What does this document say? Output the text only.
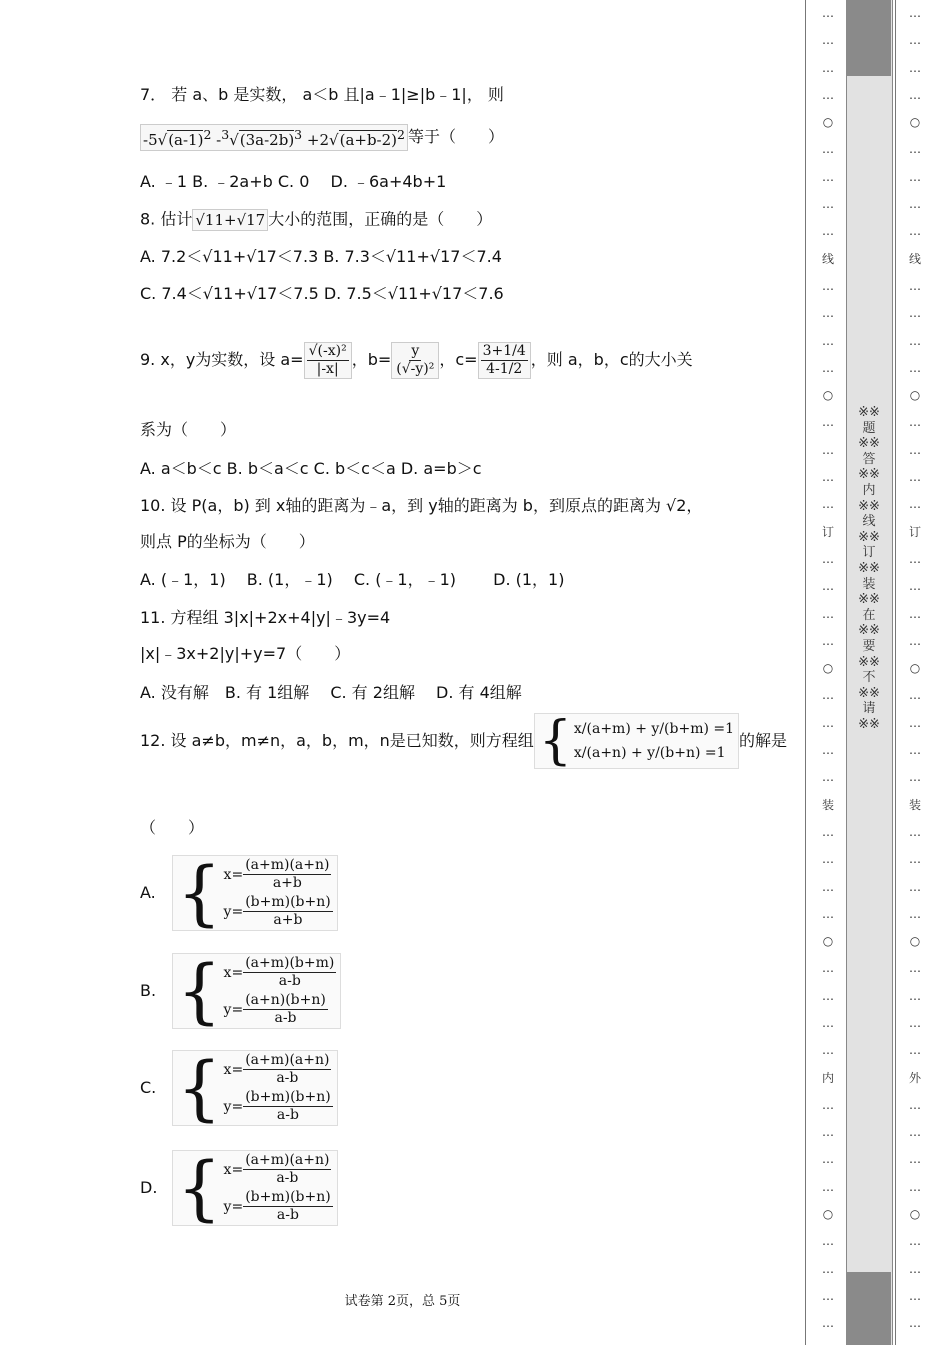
7． 若 a、b 是实数， a＜b 且|a﹣1|≥|b﹣1|， 则
$-5√(a-1)^2$ $-^3√(3a-2b)^3 +2√(a+b-2)^2$ 等于（　　）
A. ﹣1 B. ﹣2a+b C. 0　 D. ﹣6a+4b+1
8. 估计 √11+√17 大小的范围，正确的是（　　）
A. 7.2＜√11+√17＜7.3 B. 7.3＜√11+√17＜7.4
C. 7.4＜√11+√17＜7.5 D. 7.5＜√11+√17＜7.6
9. x，y为实数，设 $a= \frac{\text{√(-x)²}}{|-x|}$ ，$b= \frac{y}{\text{(√-y)²}}$ ，$c= \frac{3+1/4}{4-1/2}$ ，则 a，b，c的大小关
系为（　　）
A. a＜b＜c B. b＜a＜c C. b＜c＜a D. a=b＞c
10. 设 P(a，b) 到 x轴的距离为﹣a，到 y轴的距离为 b，到原点的距离为 √2，
则点 P的坐标为（　　）
A. (﹣1，1)　 B. (1，﹣1)　 C. (﹣1，﹣1)　　 D. (1，1)
11. 方程组 3|x|+2x+4|y|﹣3y=4
|x|﹣3x+2|y|+y=7（　　）
A. 没有解　B. 有 1组解　 C. 有 2组解　 D. 有 4组解
12. 设 a≠b，m≠n，a，b，m，n是已知数，则方程组 { x/(a+m) + y/(b+m) =1
x/(a+n) + y/(b+n) =1
的解是
（　　）
A. { $x= \frac{(a+m)(a+n)}{a+b}$
$y= \frac{(b+m)(b+n)}{a+b}$
B. { $x= \frac{(a+m)(b+m)}{a-b}$
$y= \frac{(a+n)(b+n)}{a-b}$
C. { $x= \frac{(a+m)(a+n)}{a-b}$
$y= \frac{(b+m)(b+n)}{a-b}$
D. { $x= \frac{(a+m)(a+n)}{a-b}$
$y= \frac{(b+m)(b+n)}{a-b}$
试卷第 2页，总 5页
※※题※※答※※内※※线※※订※※装※※在※※要※※不※※请※※
…
…
…
…
○
…
…
…
…
线
…
…
…
…
○
…
…
…
…
订
…
…
…
…
○
…
…
…
…
装
…
…
…
…
○
…
…
…
…
内
…
…
…
…
○
…
…
…
…
…
…
…
…
○
…
…
…
…
线
…
…
…
…
○
…
…
…
…
订
…
…
…
…
○
…
…
…
…
装
…
…
…
…
○
…
…
…
…
外
…
…
…
…
○
…
…
…
…
